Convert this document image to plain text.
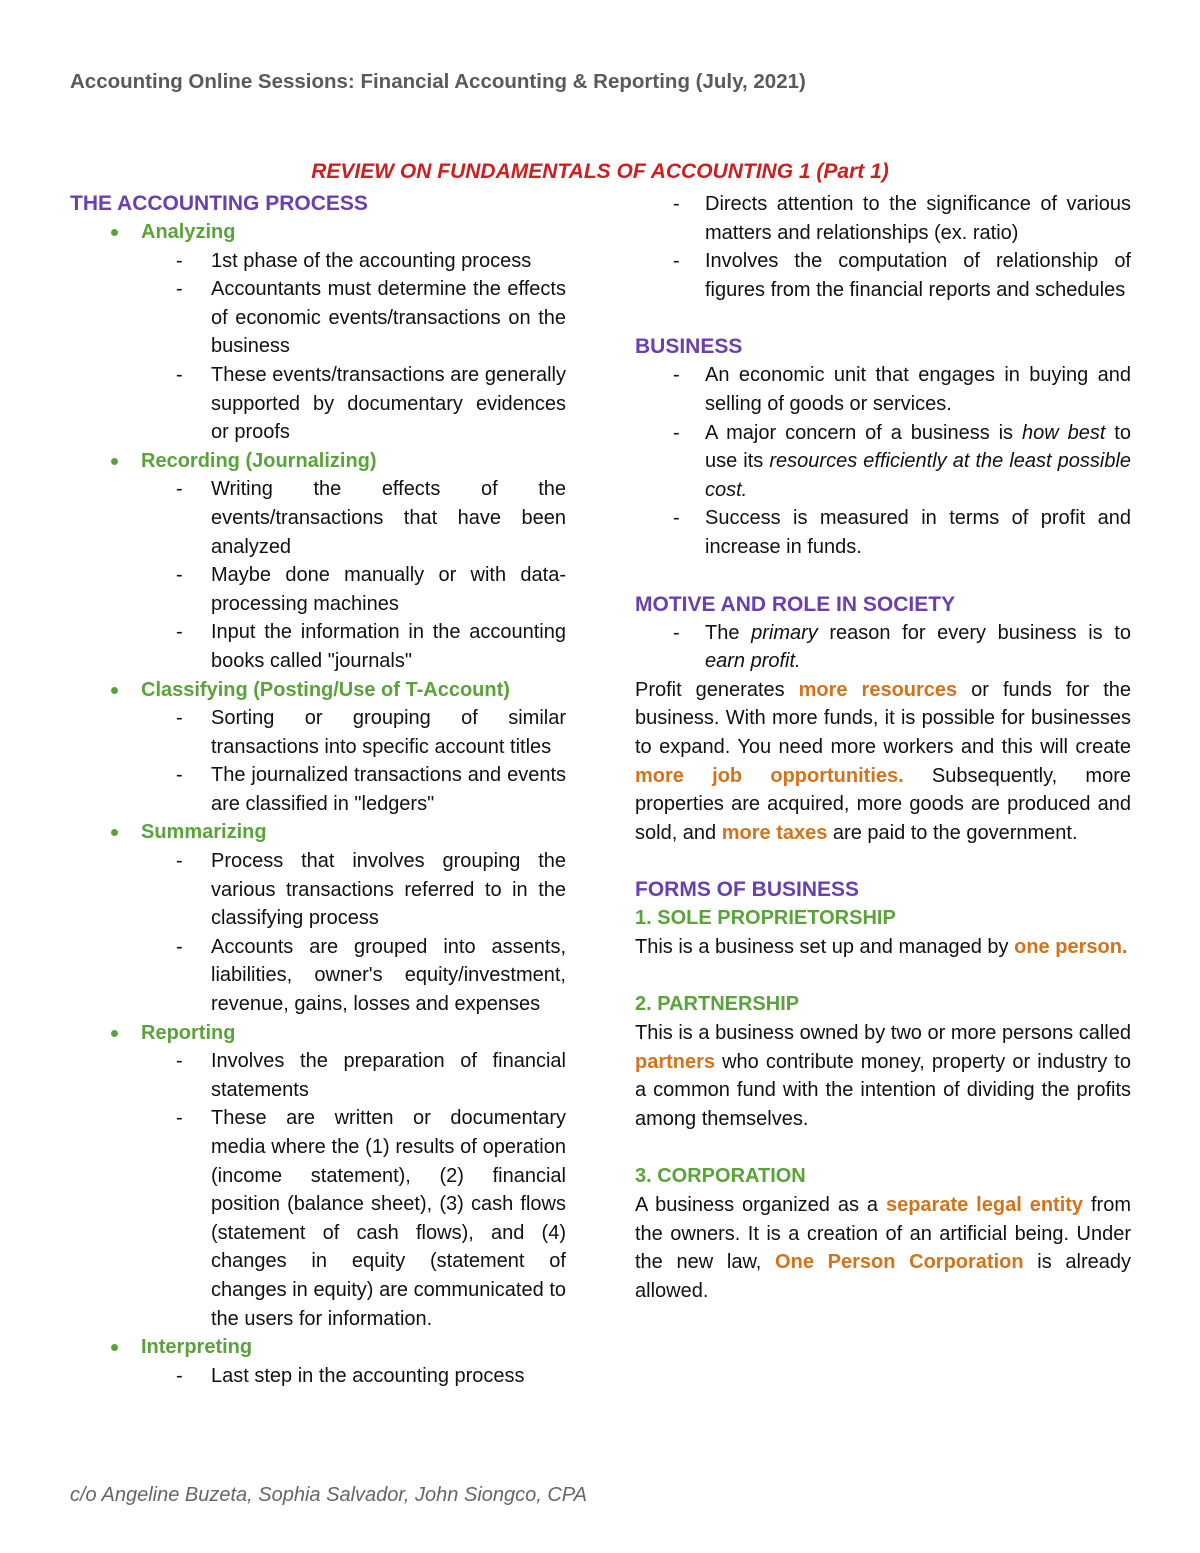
Accounting Online Sessions: Financial Accounting & Reporting (July, 2021)
REVIEW ON FUNDAMENTALS OF ACCOUNTING 1 (Part 1)
THE ACCOUNTING PROCESS
Analyzing
- 1st phase of the accounting process
- Accountants must determine the effects of economic events/transactions on the business
- These events/transactions are generally supported by documentary evidences or proofs
Recording (Journalizing)
- Writing the effects of the events/transactions that have been analyzed
- Maybe done manually or with data-processing machines
- Input the information in the accounting books called "journals"
Classifying (Posting/Use of T-Account)
- Sorting or grouping of similar transactions into specific account titles
- The journalized transactions and events are classified in "ledgers"
Summarizing
- Process that involves grouping the various transactions referred to in the classifying process
- Accounts are grouped into assents, liabilities, owner's equity/investment, revenue, gains, losses and expenses
Reporting
- Involves the preparation of financial statements
- These are written or documentary media where the (1) results of operation (income statement), (2) financial position (balance sheet), (3) cash flows (statement of cash flows), and (4) changes in equity (statement of changes in equity) are communicated to the users for information.
Interpreting
- Last step in the accounting process
- Directs attention to the significance of various matters and relationships (ex. ratio)
- Involves the computation of relationship of figures from the financial reports and schedules
BUSINESS
- An economic unit that engages in buying and selling of goods or services.
- A major concern of a business is how best to use its resources efficiently at the least possible cost.
- Success is measured in terms of profit and increase in funds.
MOTIVE AND ROLE IN SOCIETY
- The primary reason for every business is to earn profit.

Profit generates more resources or funds for the business. With more funds, it is possible for businesses to expand. You need more workers and this will create more job opportunities. Subsequently, more properties are acquired, more goods are produced and sold, and more taxes are paid to the government.

FORMS OF BUSINESS
1. SOLE PROPRIETORSHIP

This is a business set up and managed by one person.

2. PARTNERSHIP

This is a business owned by two or more persons called partners who contribute money, property or industry to a common fund with the intention of dividing the profits among themselves.

3. CORPORATION

A business organized as a separate legal entity from the owners. It is a creation of an artificial being. Under the new law, One Person Corporation is already allowed.

c/o Angeline Buzeta, Sophia Salvador, John Siongco, CPA
